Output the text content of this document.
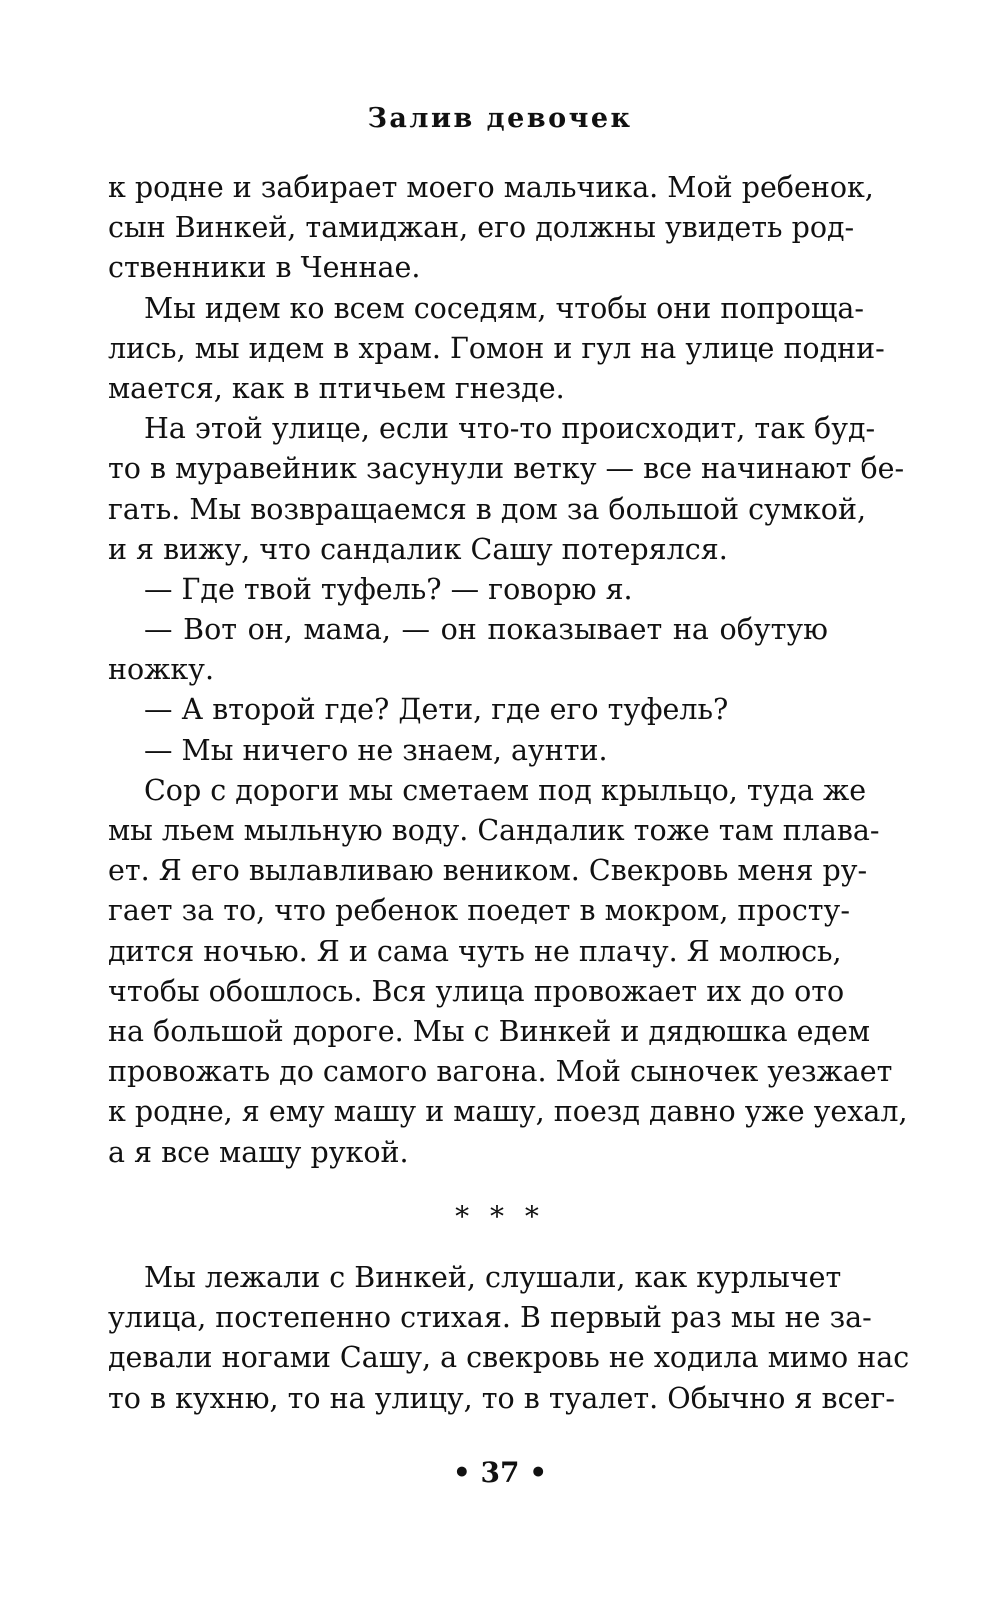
Залив девочек
к родне и забирает моего мальчика. Мой ребенок,
сын Винкей, тамиджан, его должны увидеть род-
ственники в Ченнае.
Мы идем ко всем соседям, чтобы они попроща-
лись, мы идем в храм. Гомон и гул на улице подни-
мается, как в птичьем гнезде.
На этой улице, если что-то происходит, так буд-
то в муравейник засунули ветку — все начинают бе-
гать. Мы возвращаемся в дом за большой сумкой,
и я вижу, что сандалик Сашу потерялся.
— Где твой туфель? — говорю я.
— Вот он, мама, — он показывает на обутую
ножку.
— А второй где? Дети, где его туфель?
— Мы ничего не знаем, аунти.
Сор с дороги мы сметаем под крыльцо, туда же
мы льем мыльную воду. Сандалик тоже там плава-
ет. Я его вылавливаю веником. Свекровь меня ру-
гает за то, что ребенок поедет в мокром, просту-
дится ночью. Я и сама чуть не плачу. Я молюсь,
чтобы обошлось. Вся улица провожает их до ото
на большой дороге. Мы с Винкей и дядюшка едем
провожать до самого вагона. Мой сыночек уезжает
к родне, я ему машу и машу, поезд давно уже уехал,
а я все машу рукой.
* * *
Мы лежали с Винкей, слушали, как курлычет
улица, постепенно стихая. В первый раз мы не за-
девали ногами Сашу, а свекровь не ходила мимо нас
то в кухню, то на улицу, то в туалет. Обычно я всег-
• 37 •
